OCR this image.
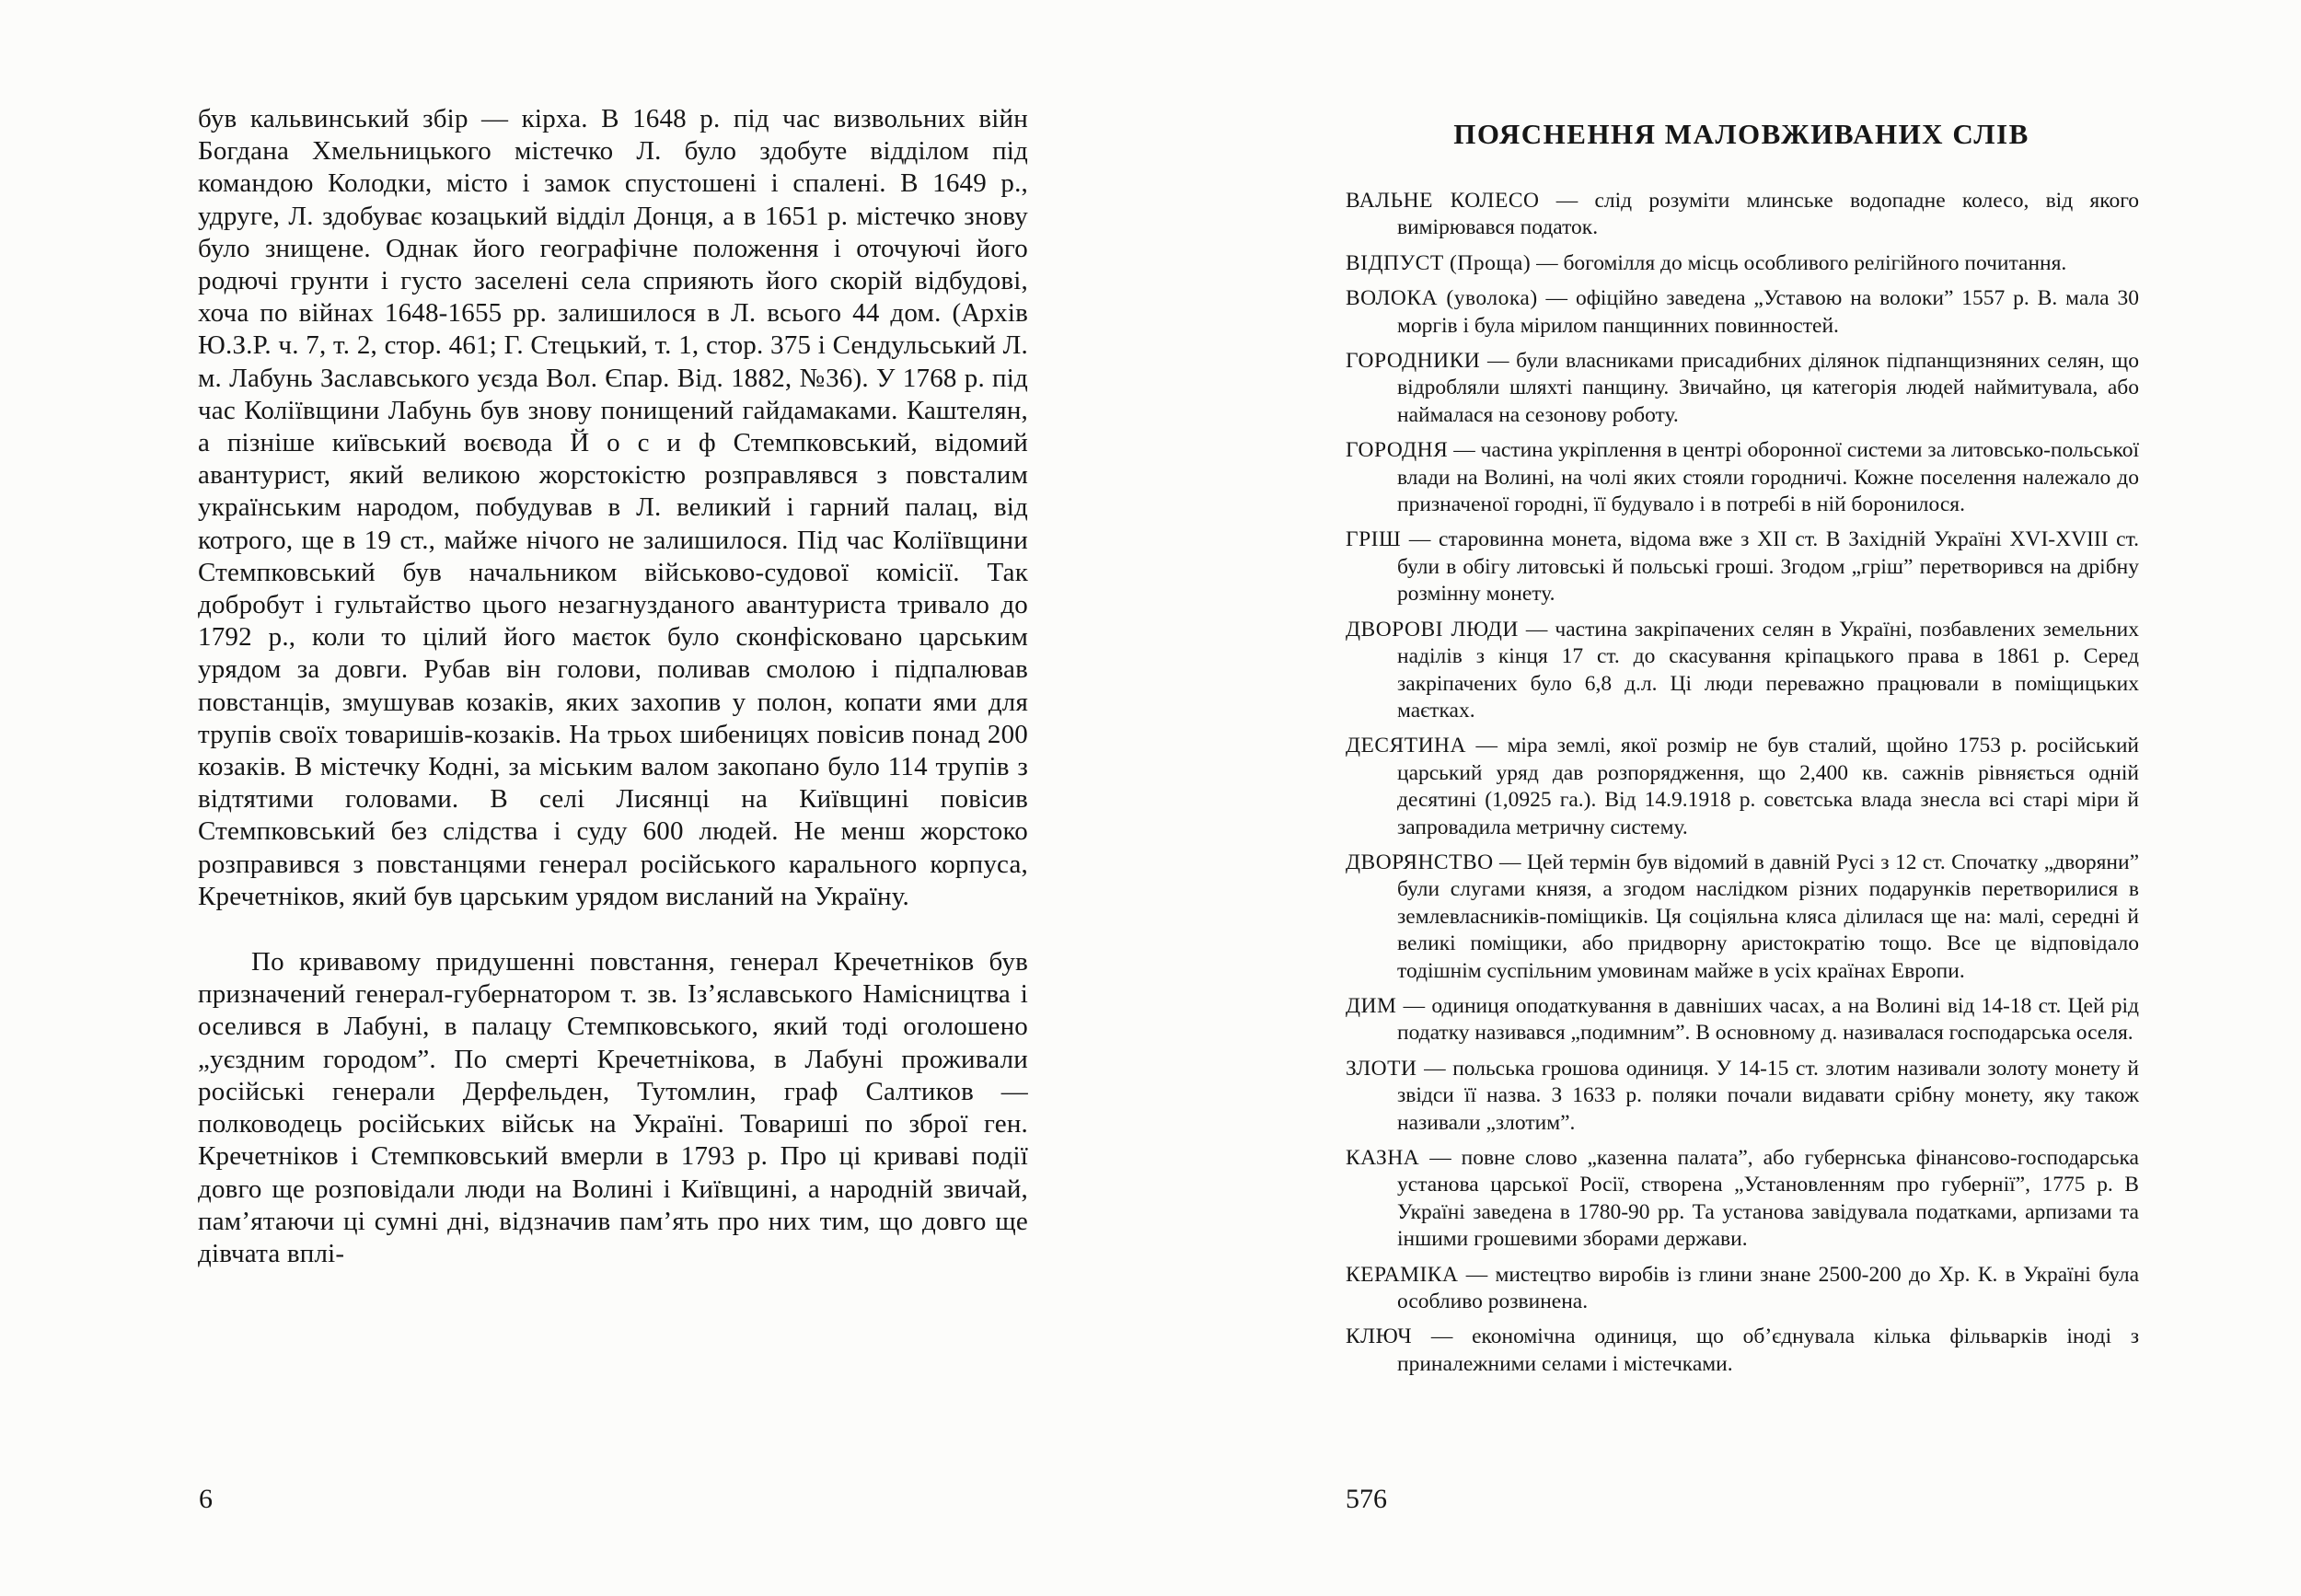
був кальвинський збір — кірха. В 1648 р. під час визвольних війн Богдана Хмельницького містечко Л. було здобуте відділом під командою Колодки, місто і замок спустошені і спалені. В 1649 р., удруге, Л. здобуває козацький відділ Донця, а в 1651 р. містечко знову було знищене. Однак його географічне положення і оточуючі його родючі грунти і густо заселені села сприяють його скорій відбудові, хоча по війнах 1648-1655 рр. залишилося в Л. всього 44 дом. (Архів Ю.З.Р. ч. 7, т. 2, стор. 461; Г. Стецький, т. 1, стор. 375 і Сендульський Л. м. Лабунь Заславського уєзда Вол. Єпар. Від. 1882, №36). У 1768 р. під час Коліївщини Лабунь був знову понищений гайдамаками. Каштелян, а пізніше київський воєвода Й о с и ф Стемпковський, відомий авантурист, який великою жорстокістю розправлявся з повсталим українським народом, побудував в Л. великий і гарний палац, від котрого, ще в 19 ст., майже нічого не залишилося. Під час Коліївщини Стемпковський був начальником військово-судової комісії. Так добробут і гультайство цього незагнузданого авантуриста тривало до 1792 р., коли то цілий його маєток було сконфісковано царським урядом за довги. Рубав він голови, поливав смолою і підпалював повстанців, змушував козаків, яких захопив у полон, копати ями для трупів своїх товаришів-козаків. На трьох шибеницях повісив понад 200 козаків. В містечку Кодні, за міським валом закопано було 114 трупів з відтятими головами. В селі Лисянці на Київщині повісив Стемпковський без слідства і суду 600 людей. Не менш жорстоко розправився з повстанцями генерал російського карального корпуса, Кречетніков, який був царським урядом висланий на Україну.

По кривавому придушенні повстання, генерал Кречетніков був призначений генерал-губернатором т. зв. Із’яславського Намісництва і оселився в Лабуні, в палацу Стемпковського, який тоді оголошено „уєздним городом”. По смерті Кречетнікова, в Лабуні проживали російські генерали Дерфельден, Тутомлин, граф Салтиков — полководець російських військ на Україні. Товариші по зброї ген. Кречетніков і Стемпковський вмерли в 1793 р. Про ці криваві події довго ще розповідали люди на Волині і Київщині, а народній звичай, пам’ятаючи ці сумні дні, відзначив пам’ять про них тим, що довго ще дівчата вплі-

6
ПОЯСНЕННЯ МАЛОВЖИВАНИХ СЛІВ

ВАЛЬНЕ КОЛЕСО — слід розуміти млинське водопадне колесо, від якого вимірювався податок.

ВІДПУСТ (Проща) — богомілля до місць особливого релігійного почитання.

ВОЛОКА (уволока) — офіційно заведена „Уставою на волоки” 1557 р. В. мала 30 моргів і була мірилом панщинних повинностей.

ГОРОДНИКИ — були власниками присадибних ділянок підпанщизняних селян, що відробляли шляхті панщину. Звичайно, ця категорія людей наймитувала, або наймалася на сезонову роботу.

ГОРОДНЯ — частина укріплення в центрі оборонної системи за литовсько-польської влади на Волині, на чолі яких стояли городничі. Кожне поселення належало до призначеної городні, її будувало і в потребі в ній боронилося.

ГРІШ — старовинна монета, відома вже з XII ст. В Західній Україні XVI-XVIII ст. були в обігу литовські й польські гроші. Згодом „гріш” перетворився на дрібну розмінну монету.

ДВОРОВІ ЛЮДИ — частина закріпачених селян в Україні, позбавлених земельних наділів з кінця 17 ст. до скасування кріпацького права в 1861 р. Серед закріпачених було 6,8 д.л. Ці люди переважно працювали в поміщицьких маєтках.

ДЕСЯТИНА — міра землі, якої розмір не був сталий, щойно 1753 р. російський царський уряд дав розпорядження, що 2,400 кв. сажнів рівняється одній десятині (1,0925 га.). Від 14.9.1918 р. совєтська влада знесла всі старі міри й запровадила метричну систему.

ДВОРЯНСТВО — Цей термін був відомий в давній Русі з 12 ст. Спочатку „дворяни” були слугами князя, а згодом наслідком різних подарунків перетворилися в землевласників-поміщиків. Ця соціяльна кляса ділилася ще на: малі, середні й великі поміщики, або придворну аристократію тощо. Все це відповідало тодішнім суспільним умовинам майже в усіх країнах Европи.

ДИМ — одиниця оподаткування в давніших часах, а на Волині від 14-18 ст. Цей рід податку називався „подимним”. В основному д. називалася господарська оселя.

ЗЛОТИ — польська грошова одиниця. У 14-15 ст. злотим називали золоту монету й звідси її назва. З 1633 р. поляки почали видавати срібну монету, яку також називали „злотим”.

КАЗНА — повне слово „казенна палата”, або губернська фінансово-господарська установа царської Росії, створена „Установленням про губернії”, 1775 р. В Україні заведена в 1780-90 рр. Та установа завідувала податками, арпизами та іншими грошевими зборами держави.

КЕРАМІКА — мистецтво виробів із глини знане 2500-200 до Хр. К. в Україні була особливо розвинена.

КЛЮЧ — економічна одиниця, що об’єднувала кілька фільварків іноді з приналежними селами і містечками.

576
